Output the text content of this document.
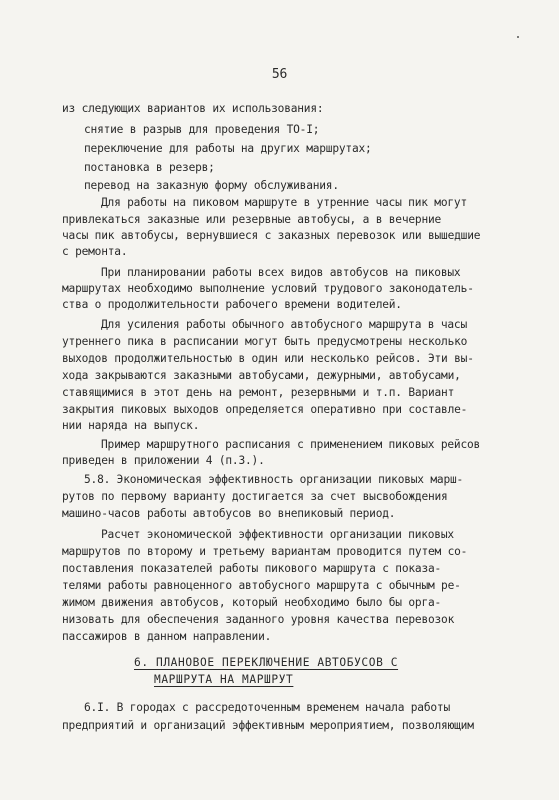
56
из следующих вариантов их использования:
снятие в разрыв для проведения ТО-I;
переключение для работы на других маршрутах;
постановка в резерв;
перевод на заказную форму обслуживания.
Для работы на пиковом маршруте в утренние часы пик могут
привлекаться заказные или резервные автобусы, а в вечерние
часы пик автобусы, вернувшиеся с заказных перевозок или вышедшие
с ремонта.
При планировании работы всех видов автобусов на пиковых
маршрутах необходимо выполнение условий трудового законодатель-
ства о продолжительности рабочего времени водителей.
Для усиления работы обычного автобусного маршрута в часы
утреннего пика в расписании могут быть предусмотрены несколько
выходов продолжительностью в один или несколько рейсов. Эти вы-
хода закрываются заказными автобусами, дежурными, автобусами,
ставящимися в этот день на ремонт, резервными и т.п. Вариант
закрытия пиковых выходов определяется оперативно при составле-
нии наряда на выпуск.
Пример маршрутного расписания с применением пиковых рейсов
приведен в приложении 4 (п.3.).
5.8. Экономическая эффективность организации пиковых марш-
рутов по первому варианту достигается за счет высвобождения
машино-часов работы автобусов во внепиковый период.
Расчет экономической эффективности организации пиковых
маршрутов по второму и третьему вариантам проводится путем со-
поставления показателей работы пикового маршрута с показа-
телями работы равноценного автобусного маршрута с обычным ре-
жимом движения автобусов, который необходимо было бы орга-
низовать для обеспечения заданного уровня качества перевозок
пассажиров в данном направлении.
6. ПЛАНОВОЕ ПЕРЕКЛЮЧЕНИЕ АВТОБУСОВ С
МАРШРУТА НА МАРШРУТ
6.I. В городах с рассредоточенным временем начала работы
предприятий и организаций эффективным мероприятием, позволяющим
